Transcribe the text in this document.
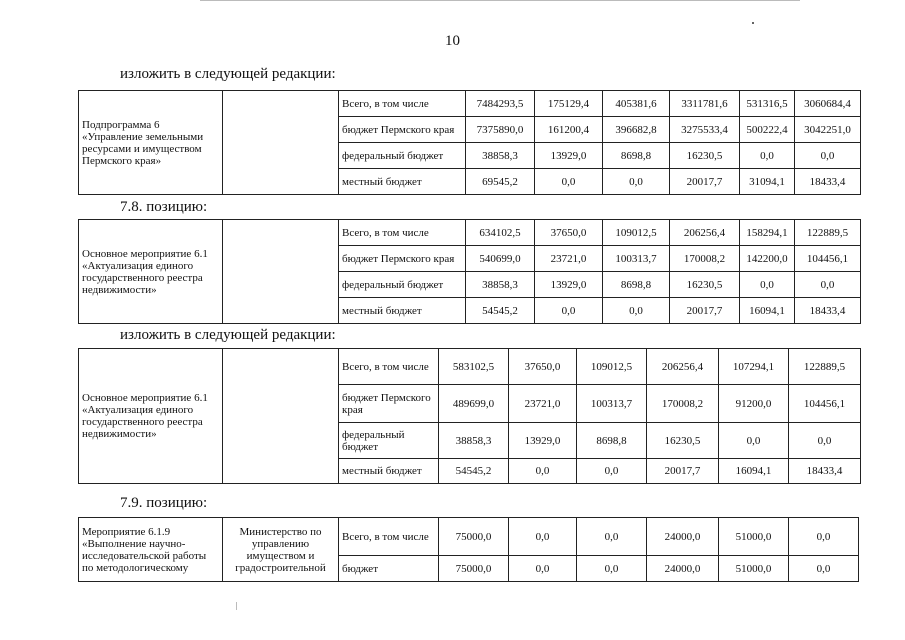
10
изложить в следующей редакции:
Подпрограмма 6 «Управление земельными ресурсами и имуществом Пермского края»		Всего, в том числе	7484293,5	175129,4	405381,6	3311781,6	531316,5	3060684,4
		бюджет Пермского края	7375890,0	161200,4	396682,8	3275533,4	500222,4	3042251,0
		федеральный бюджет	38858,3	13929,0	8698,8	16230,5	0,0	0,0
		местный бюджет	69545,2	0,0	0,0	20017,7	31094,1	18433,4
7.8. позицию:
Основное мероприятие 6.1 «Актуализация единого государственного реестра недвижимости»		Всего, в том числе	634102,5	37650,0	109012,5	206256,4	158294,1	122889,5
		бюджет Пермского края	540699,0	23721,0	100313,7	170008,2	142200,0	104456,1
		федеральный бюджет	38858,3	13929,0	8698,8	16230,5	0,0	0,0
		местный бюджет	54545,2	0,0	0,0	20017,7	16094,1	18433,4
изложить в следующей редакции:
Основное мероприятие 6.1 «Актуализация единого государственного реестра недвижимости»		Всего, в том числе	583102,5	37650,0	109012,5	206256,4	107294,1	122889,5
		бюджет Пермского края	489699,0	23721,0	100313,7	170008,2	91200,0	104456,1
		федеральный бюджет	38858,3	13929,0	8698,8	16230,5	0,0	0,0
		местный бюджет	54545,2	0,0	0,0	20017,7	16094,1	18433,4
7.9. позицию:
Мероприятие 6.1.9 «Выполнение научно-исследовательской работы по методологическому	Министерство по управлению имуществом и градостроительной	Всего, в том числе	75000,0	0,0	0,0	24000,0	51000,0	0,0
		бюджет	75000,0	0,0	0,0	24000,0	51000,0	0,0
